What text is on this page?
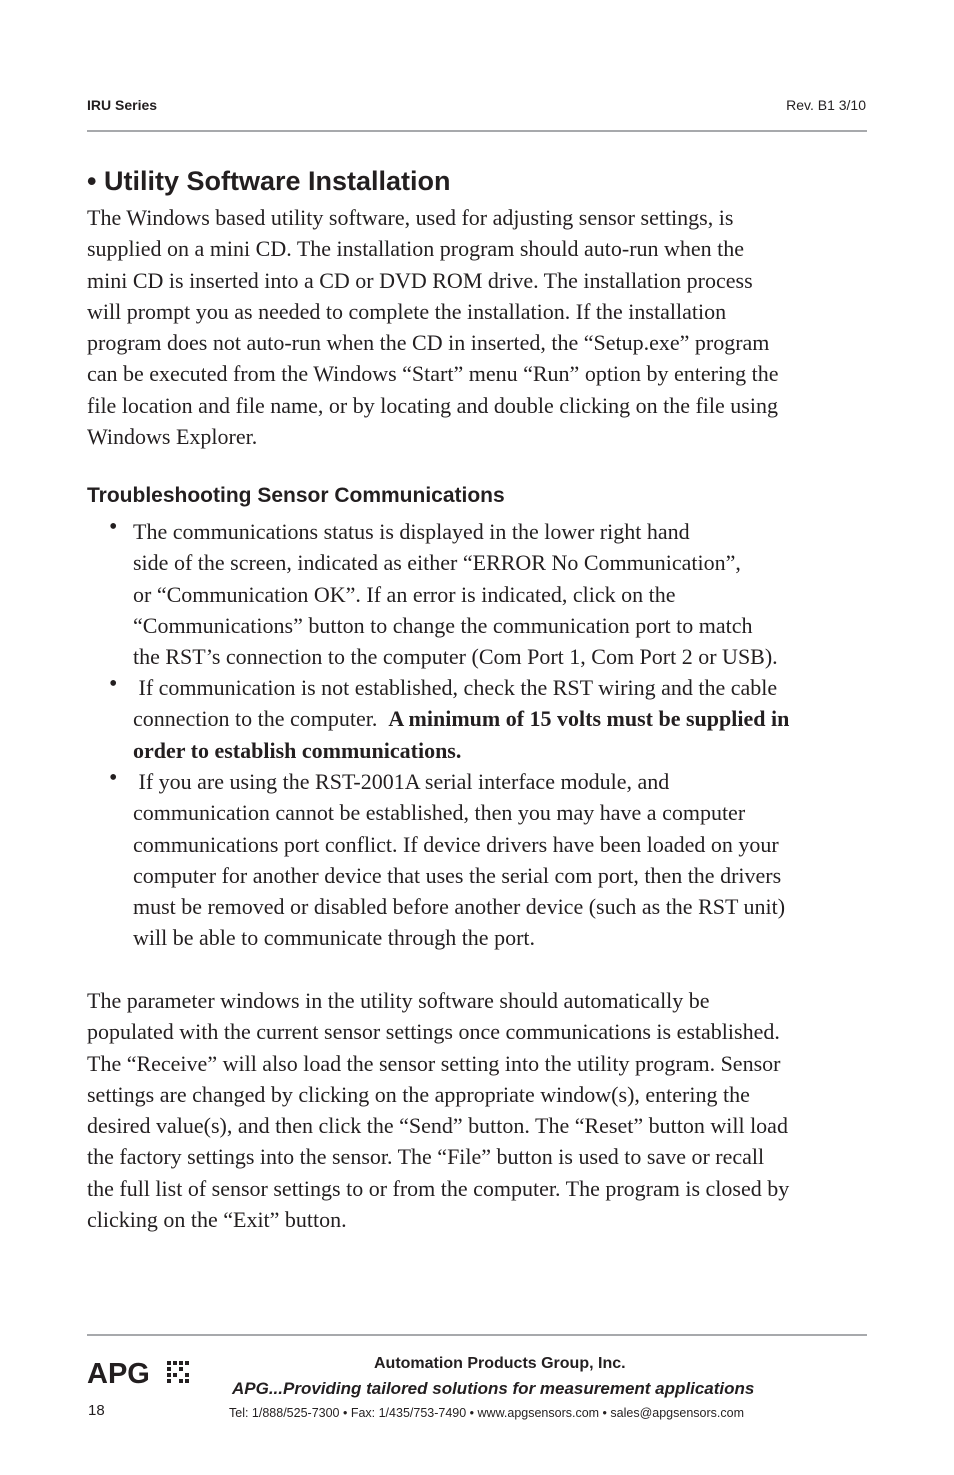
IRU Series	Rev. B1 3/10
• Utility Software Installation
The Windows based utility software, used for adjusting sensor settings, is
supplied on a mini CD. The installation program should auto-run when the
mini CD is inserted into a CD or DVD ROM drive. The installation process
will prompt you as needed to complete the installation. If the installation
program does not auto-run when the CD in inserted, the “Setup.exe” program
can be executed from the Windows “Start” menu “Run” option by entering the
file location and file name, or by locating and double clicking on the file using
Windows Explorer.
Troubleshooting Sensor Communications
• The communications status is displayed in the lower right hand
side of the screen, indicated as either “ERROR No Communication”,
or “Communication OK”. If an error is indicated, click on the
“Communications” button to change the communication port to match
the RST’s connection to the computer (Com Port 1, Com Port 2 or USB).
• If communication is not established, check the RST wiring and the cable
connection to the computer. A minimum of 15 volts must be supplied in
order to establish communications.
• If you are using the RST-2001A serial interface module, and
communication cannot be established, then you may have a computer
communications port conflict. If device drivers have been loaded on your
computer for another device that uses the serial com port, then the drivers
must be removed or disabled before another device (such as the RST unit)
will be able to communicate through the port.
The parameter windows in the utility software should automatically be
populated with the current sensor settings once communications is established.
The “Receive” will also load the sensor setting into the utility program. Sensor
settings are changed by clicking on the appropriate window(s), entering the
desired value(s), and then click the “Send” button. The “Reset” button will load
the factory settings into the sensor. The “File” button is used to save or recall
the full list of sensor settings to or from the computer. The program is closed by
clicking on the “Exit” button.
APG
18
Automation Products Group, Inc.
APG...Providing tailored solutions for measurement applications
Tel: 1/888/525-7300 • Fax: 1/435/753-7490 • www.apgsensors.com • sales@apgsensors.com
